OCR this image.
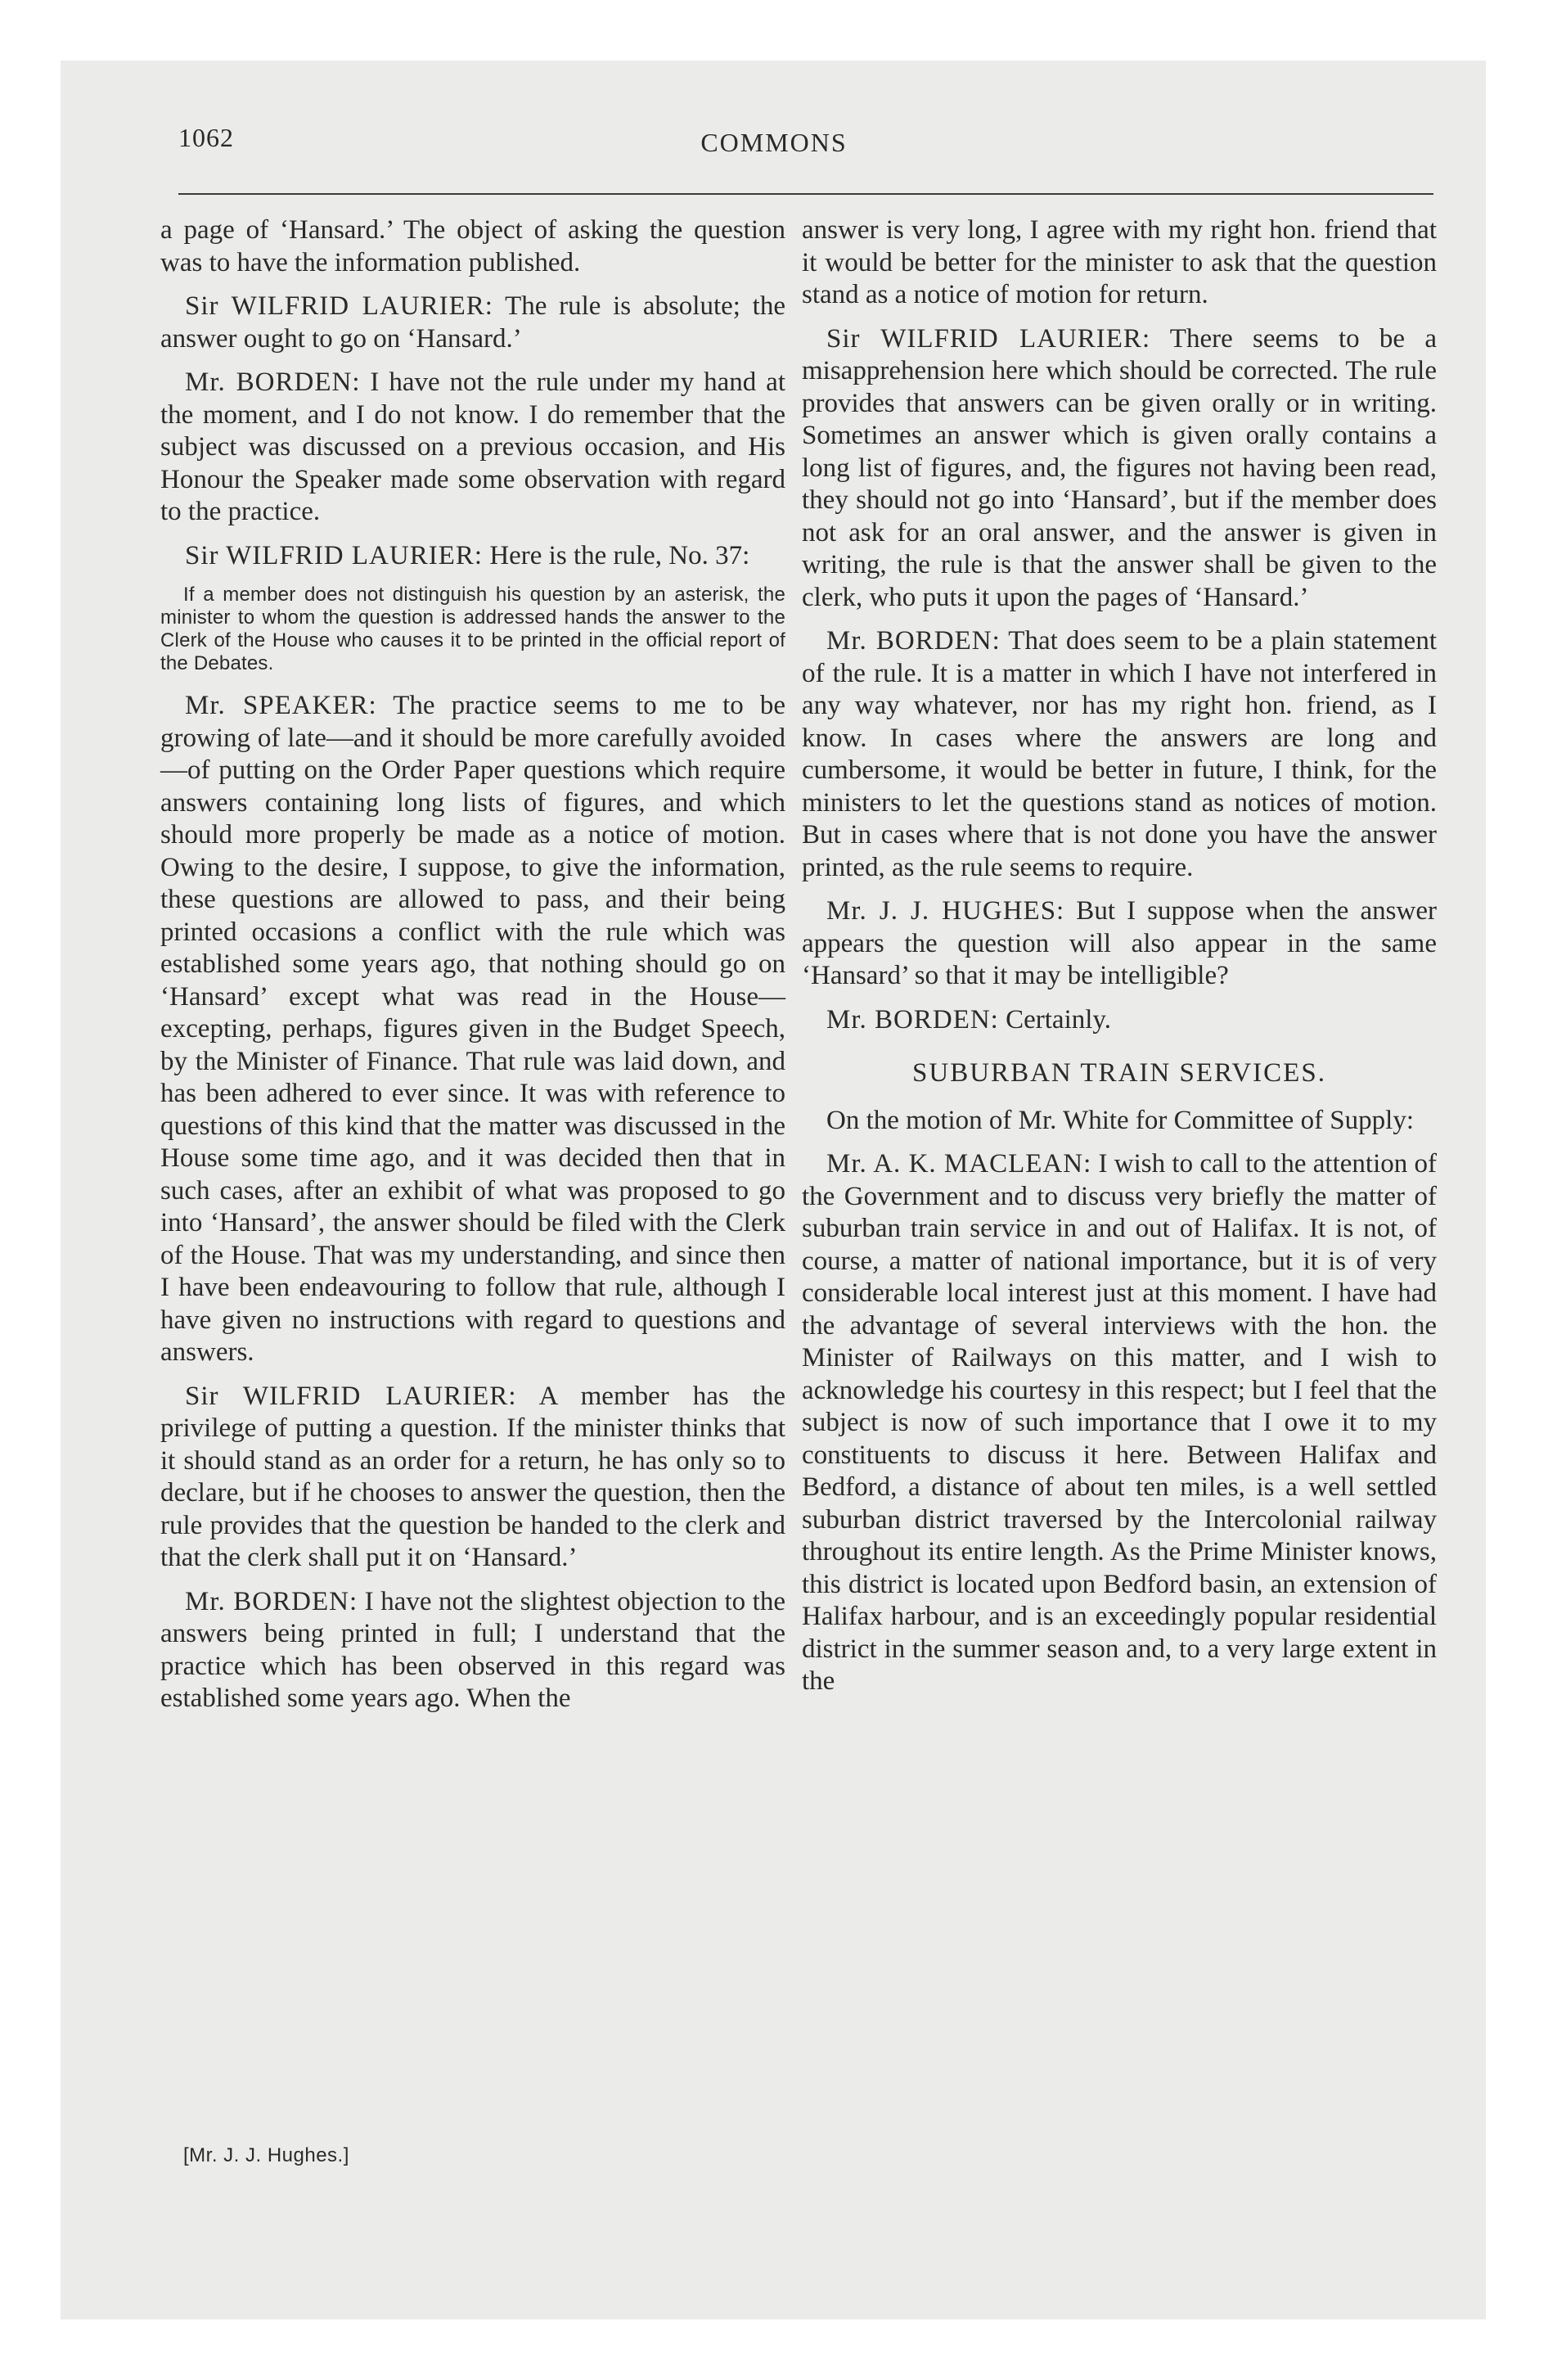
1062	COMMONS

a page of ‘Hansard.’ The object of asking the question was to have the information published.

Sir WILFRID LAURIER: The rule is absolute; the answer ought to go on ‘Hansard.’

Mr. BORDEN: I have not the rule under my hand at the moment, and I do not know. I do remember that the subject was discussed on a previous occasion, and His Honour the Speaker made some observation with regard to the practice.

Sir WILFRID LAURIER: Here is the rule, No. 37:

If a member does not distinguish his question by an asterisk, the minister to whom the question is addressed hands the answer to the Clerk of the House who causes it to be printed in the official report of the Debates.

Mr. SPEAKER: The practice seems to me to be growing of late—and it should be more carefully avoided—of putting on the Order Paper questions which require answers containing long lists of figures, and which should more properly be made as a notice of motion. Owing to the desire, I suppose, to give the information, these questions are allowed to pass, and their being printed occasions a conflict with the rule which was established some years ago, that nothing should go on ‘Hansard’ except what was read in the House—excepting, perhaps, figures given in the Budget Speech, by the Minister of Finance. That rule was laid down, and has been adhered to ever since. It was with reference to questions of this kind that the matter was discussed in the House some time ago, and it was decided then that in such cases, after an exhibit of what was proposed to go into ‘Hansard’, the answer should be filed with the Clerk of the House. That was my understanding, and since then I have been endeavouring to follow that rule, although I have given no instructions with regard to questions and answers.

Sir WILFRID LAURIER: A member has the privilege of putting a question. If the minister thinks that it should stand as an order for a return, he has only so to declare, but if he chooses to answer the question, then the rule provides that the question be handed to the clerk and that the clerk shall put it on ‘Hansard.’

Mr. BORDEN: I have not the slightest objection to the answers being printed in full; I understand that the practice which has been observed in this regard was established some years ago. When the

answer is very long, I agree with my right hon. friend that it would be better for the minister to ask that the question stand as a notice of motion for return.

Sir WILFRID LAURIER: There seems to be a misapprehension here which should be corrected. The rule provides that answers can be given orally or in writing. Sometimes an answer which is given orally contains a long list of figures, and, the figures not having been read, they should not go into ‘Hansard’, but if the member does not ask for an oral answer, and the answer is given in writing, the rule is that the answer shall be given to the clerk, who puts it upon the pages of ‘Hansard.’

Mr. BORDEN: That does seem to be a plain statement of the rule. It is a matter in which I have not interfered in any way whatever, nor has my right hon. friend, as I know. In cases where the answers are long and cumbersome, it would be better in future, I think, for the ministers to let the questions stand as notices of motion. But in cases where that is not done you have the answer printed, as the rule seems to require.

Mr. J. J. HUGHES: But I suppose when the answer appears the question will also appear in the same ‘Hansard’ so that it may be intelligible?

Mr. BORDEN: Certainly.

SUBURBAN TRAIN SERVICES.

On the motion of Mr. White for Committee of Supply:

Mr. A. K. MACLEAN: I wish to call to the attention of the Government and to discuss very briefly the matter of suburban train service in and out of Halifax. It is not, of course, a matter of national importance, but it is of very considerable local interest just at this moment. I have had the advantage of several interviews with the hon. the Minister of Railways on this matter, and I wish to acknowledge his courtesy in this respect; but I feel that the subject is now of such importance that I owe it to my constituents to discuss it here. Between Halifax and Bedford, a distance of about ten miles, is a well settled suburban district traversed by the Intercolonial railway throughout its entire length. As the Prime Minister knows, this district is located upon Bedford basin, an extension of Halifax harbour, and is an exceedingly popular residential district in the summer season and, to a very large extent in the

[Mr. J. J. Hughes.]
